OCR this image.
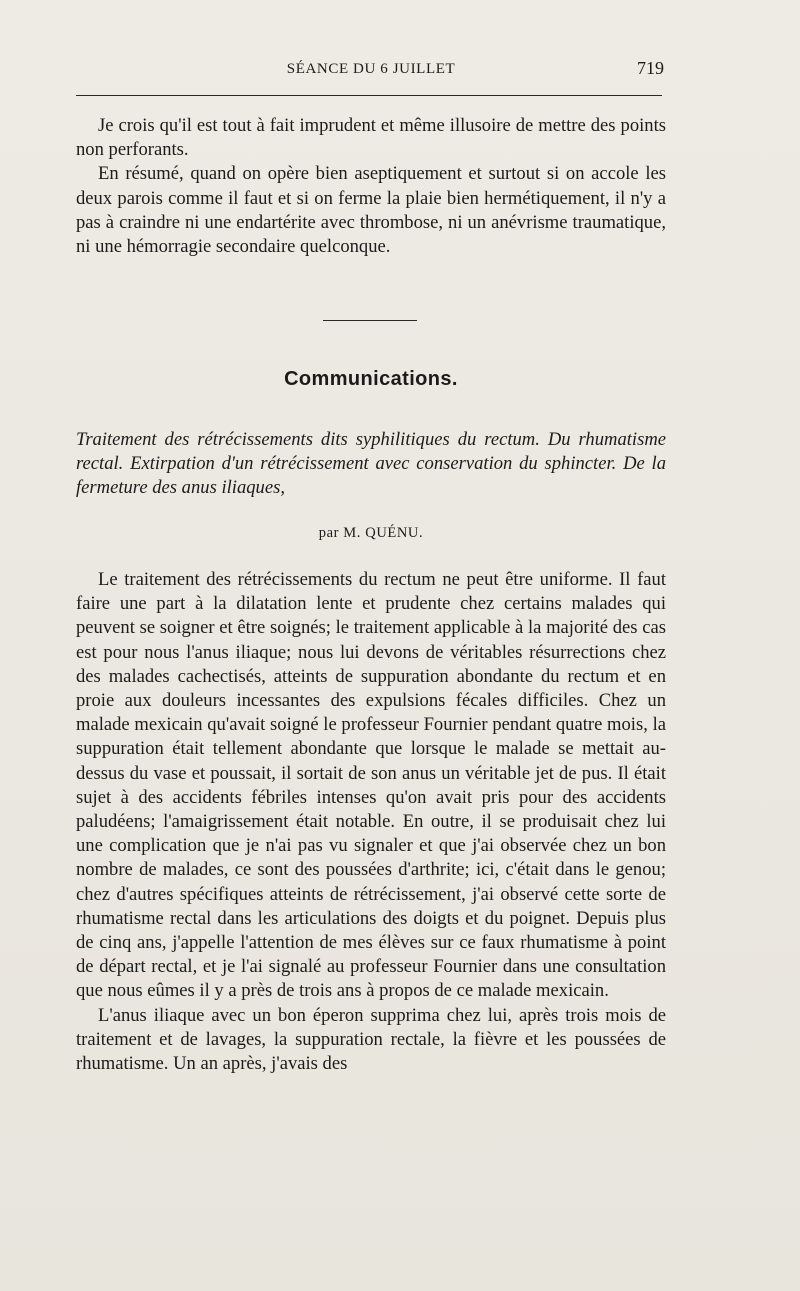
SÉANCE DU 6 JUILLET	719

Je crois qu'il est tout à fait imprudent et même illusoire de mettre des points non perforants.

En résumé, quand on opère bien aseptiquement et surtout si on accole les deux parois comme il faut et si on ferme la plaie bien hermétiquement, il n'y a pas à craindre ni une endartérite avec thrombose, ni un anévrisme traumatique, ni une hémorragie secondaire quelconque.

Communications.
Traitement des rétrécissements dits syphilitiques du rectum. Du rhumatisme rectal. Extirpation d'un rétrécissement avec conservation du sphincter. De la fermeture des anus iliaques,
par M. QUÉNU.

Le traitement des rétrécissements du rectum ne peut être uniforme. Il faut faire une part à la dilatation lente et prudente chez certains malades qui peuvent se soigner et être soignés; le traitement applicable à la majorité des cas est pour nous l'anus iliaque; nous lui devons de véritables résurrections chez des malades cachectisés, atteints de suppuration abondante du rectum et en proie aux douleurs incessantes des expulsions fécales difficiles. Chez un malade mexicain qu'avait soigné le professeur Fournier pendant quatre mois, la suppuration était tellement abondante que lorsque le malade se mettait au-dessus du vase et poussait, il sortait de son anus un véritable jet de pus. Il était sujet à des accidents fébriles intenses qu'on avait pris pour des accidents paludéens; l'amaigrissement était notable. En outre, il se produisait chez lui une complication que je n'ai pas vu signaler et que j'ai observée chez un bon nombre de malades, ce sont des poussées d'arthrite; ici, c'était dans le genou; chez d'autres spécifiques atteints de rétrécissement, j'ai observé cette sorte de rhumatisme rectal dans les articulations des doigts et du poignet. Depuis plus de cinq ans, j'appelle l'attention de mes élèves sur ce faux rhumatisme à point de départ rectal, et je l'ai signalé au professeur Fournier dans une consultation que nous eûmes il y a près de trois ans à propos de ce malade mexicain.

L'anus iliaque avec un bon éperon supprima chez lui, après trois mois de traitement et de lavages, la suppuration rectale, la fièvre et les poussées de rhumatisme. Un an après, j'avais des
